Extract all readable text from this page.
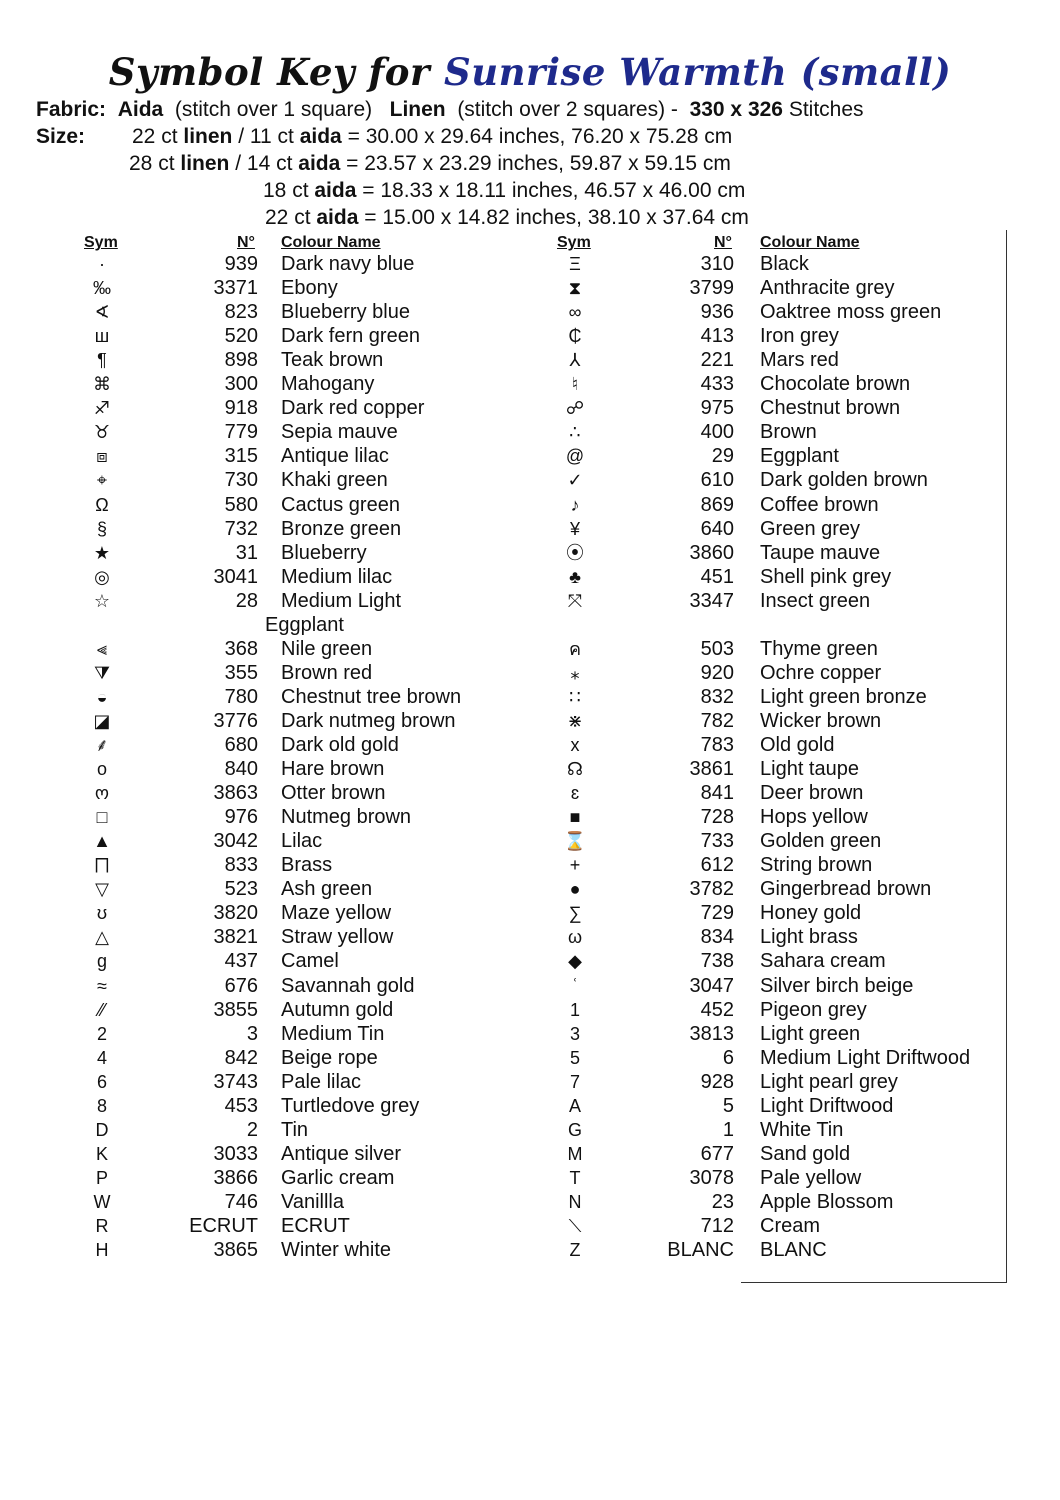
Symbol Key for Sunrise Warmth (small)
Fabric: Aida (stitch over 1 square) Linen (stitch over 2 squares) - 330 x 326 Stitches
Size: 22 ct linen / 11 ct aida = 30.00 x 29.64 inches, 76.20 x 75.28 cm
28 ct linen / 14 ct aida = 23.57 x 23.29 inches, 59.87 x 59.15 cm
18 ct aida = 18.33 x 18.11 inches, 46.57 x 46.00 cm
22 ct aida = 15.00 x 14.82 inches, 38.10 x 37.64 cm
Sym	N° Colour Name	Sym	N° Colour Name
·	939 Dark navy blue
‰	3371 Ebony
∢	823 Blueberry blue
ш	520 Dark fern green
¶	898 Teak brown
⌘	300 Mahogany
♐	918 Dark red copper
♉	779 Sepia mauve
⧈	315 Antique lilac
⌖	730 Khaki green
Ω	580 Cactus green
§	732 Bronze green
★	31 Blueberry
◎	3041 Medium lilac
☆	28 Medium Light
Eggplant
⫷	368 Nile green
⧩	355 Brown red
◒	780 Chestnut tree brown
◪	3776 Dark nutmeg brown
⸙	680 Dark old gold
o	840 Hare brown
ო	3863 Otter brown
□	976 Nutmeg brown
▲	3042 Lilac
⨅	833 Brass
▽	523 Ash green
ʊ	3820 Maze yellow
△	3821 Straw yellow
g	437 Camel
≈	676 Savannah gold
⁄⁄	3855 Autumn gold
2	3 Medium Tin
4	842 Beige rope
6	3743 Pale lilac
8	453 Turtledove grey
D	2 Tin
K	3033 Antique silver
P	3866 Garlic cream
W	746 Vanillla
R	ECRUT ECRUT
H	3865 Winter white
Ξ	310 Black
⧗	3799 Anthracite grey
∞	936 Oaktree moss green
₵	413 Iron grey
⅄	221 Mars red
♮	433 Chocolate brown
☍	975 Chestnut brown
∴	400 Brown
@	29 Eggplant
✓	610 Dark golden brown
♪	869 Coffee brown
¥	640 Green grey
⦿	3860 Taupe mauve
♣	451 Shell pink grey
⤧	3347 Insect green
ค	503 Thyme green
⁎	920 Ochre copper
∷	832 Light green bronze
⋇	782 Wicker brown
x	783 Old gold
☊	3861 Light taupe
ɛ	841 Deer brown
■	728 Hops yellow
⌛	733 Golden green
+	612 String brown
●	3782 Gingerbread brown
∑	729 Honey gold
ω	834 Light brass
◆	738 Sahara cream
ʿ	3047 Silver birch beige
1	452 Pigeon grey
3	3813 Light green
5	6 Medium Light Driftwood
7	928 Light pearl grey
A	5 Light Driftwood
G	1 White Tin
M	677 Sand gold
T	3078 Pale yellow
N	23 Apple Blossom
⟍	712 Cream
Z	BLANC BLANC
